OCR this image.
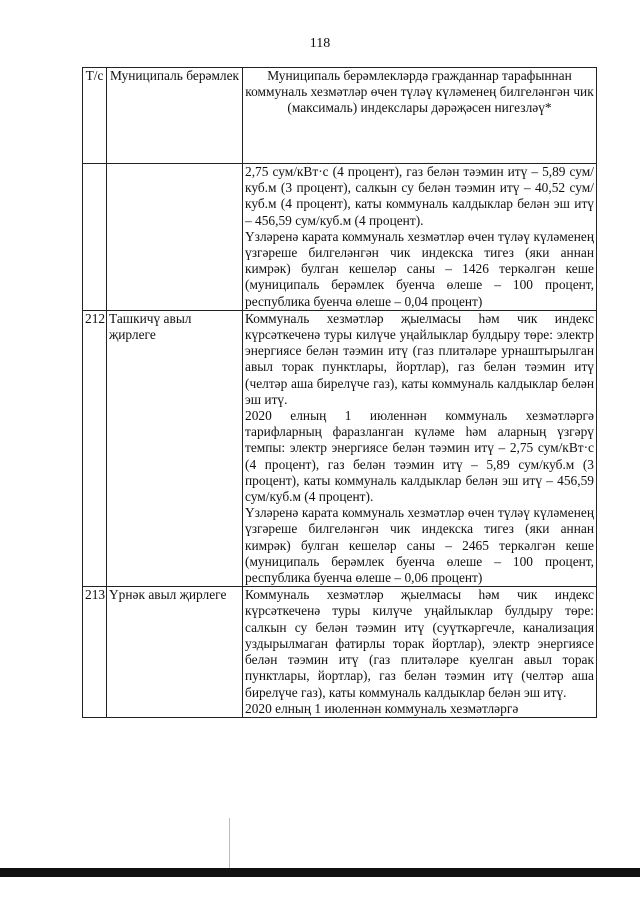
118
Т/с	Муниципаль берәмлек	Муниципаль берәмлекләрдә гражданнар тарафыннан коммуналь хезмәтләр өчен түләү күләменең билгеләнгән чик (максималь) индекслары дәрәҗәсен нигезләү*

		2,75 сум/кВт·с (4 процент), газ белән тәэмин итү – 5,89 сум/куб.м (3 процент), салкын су белән тәэмин итү – 40,52 сум/куб.м (4 процент), каты коммуналь калдыклар белән эш итү – 456,59 сум/куб.м (4 процент).

Үзләренә карата коммуналь хезмәтләр өчен түләү күләменең үзгәреше билгеләнгән чик индекска тигез (яки аннан кимрәк) булган кешеләр саны – 1426 теркәлгән кеше (муниципаль берәмлек буенча өлеше – 100 процент, республика буенча өлеше – 0,04 процент)

212	Ташкичү авыл җирлеге	Коммуналь хезмәтләр җыелмасы һәм чик индекс күрсәткеченә туры килүче уңайлыклар булдыру төре: электр энергиясе белән тәэмин итү (газ плитәләре урнаштырылган авыл торак пунктлары, йортлар), газ белән тәэмин итү (челтәр аша бирелүче газ), каты коммуналь калдыклар белән эш итү.

2020 елның 1 июленнән коммуналь хезмәтләргә тарифларның фаразланган күләме һәм аларның үзгәрү темпы: электр энергиясе белән тәэмин итү – 2,75 сум/кВт·с (4 процент), газ белән тәэмин итү – 5,89 сум/куб.м (3 процент), каты коммуналь калдыклар белән эш итү – 456,59 сум/куб.м (4 процент).

Үзләренә карата коммуналь хезмәтләр өчен түләү күләменең үзгәреше билгеләнгән чик индекска тигез (яки аннан кимрәк) булган кешеләр саны – 2465 теркәлгән кеше (муниципаль берәмлек буенча өлеше – 100 процент, республика буенча өлеше – 0,06 процент)

213	Үрнәк авыл җирлеге	Коммуналь хезмәтләр җыелмасы һәм чик индекс күрсәткеченә туры килүче уңайлыклар булдыру төре: салкын су белән тәэмин итү (суүткәргечле, канализация уздырылмаган фатирлы торак йортлар), электр энергиясе белән тәэмин итү (газ плитәләре куелган авыл торак пунктлары, йортлар), газ белән тәэмин итү (челтәр аша бирелүче газ), каты коммуналь калдыклар белән эш итү.

2020 елның 1 июленнән коммуналь хезмәтләргә
